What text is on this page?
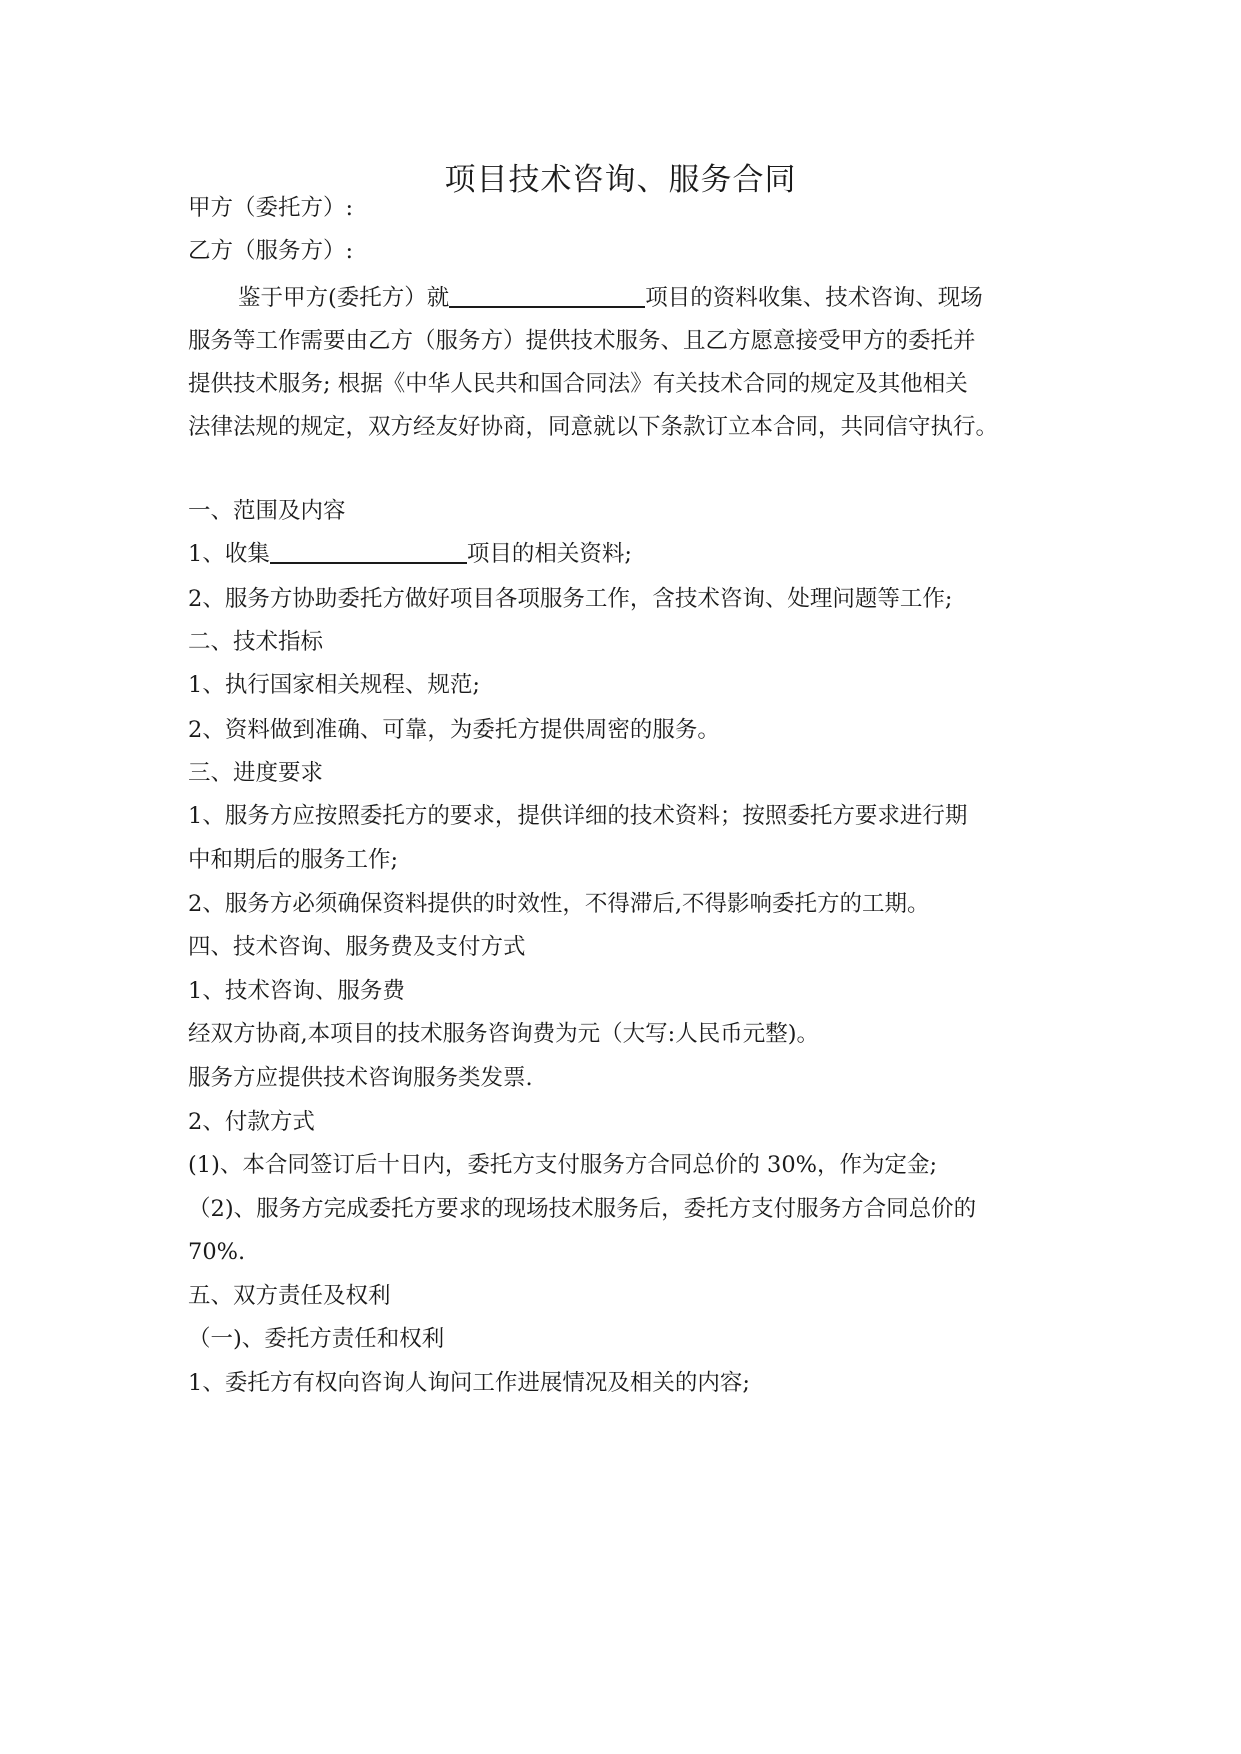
项目技术咨询、服务合同
甲方（委托方）:
乙方（服务方）:
鉴于甲方(委托方）就	项目的资料收集、技术咨询、现场
服务等工作需要由乙方（服务方）提供技术服务、且乙方愿意接受甲方的委托并
提供技术服务; 根据《中华人民共和国合同法》有关技术合同的规定及其他相关
法律法规的规定，双方经友好协商，同意就以下条款订立本合同，共同信守执行。
一、范围及内容
1、收集	项目的相关资料;
2、服务方协助委托方做好项目各项服务工作，含技术咨询、处理问题等工作;
二、技术指标
1、执行国家相关规程、规范;
2、资料做到准确、可靠，为委托方提供周密的服务。
三、进度要求
1、服务方应按照委托方的要求，提供详细的技术资料；按照委托方要求进行期
中和期后的服务工作;
2、服务方必须确保资料提供的时效性，不得滞后,不得影响委托方的工期。
四、技术咨询、服务费及支付方式
1、技术咨询、服务费
经双方协商,本项目的技术服务咨询费为元（大写:人民币元整)。
服务方应提供技术咨询服务类发票.
2、付款方式
(1)、本合同签订后十日内，委托方支付服务方合同总价的 30%，作为定金;
（2)、服务方完成委托方要求的现场技术服务后，委托方支付服务方合同总价的
70%.
五、双方责任及权利
（一)、委托方责任和权利
1、委托方有权向咨询人询问工作进展情况及相关的内容;
